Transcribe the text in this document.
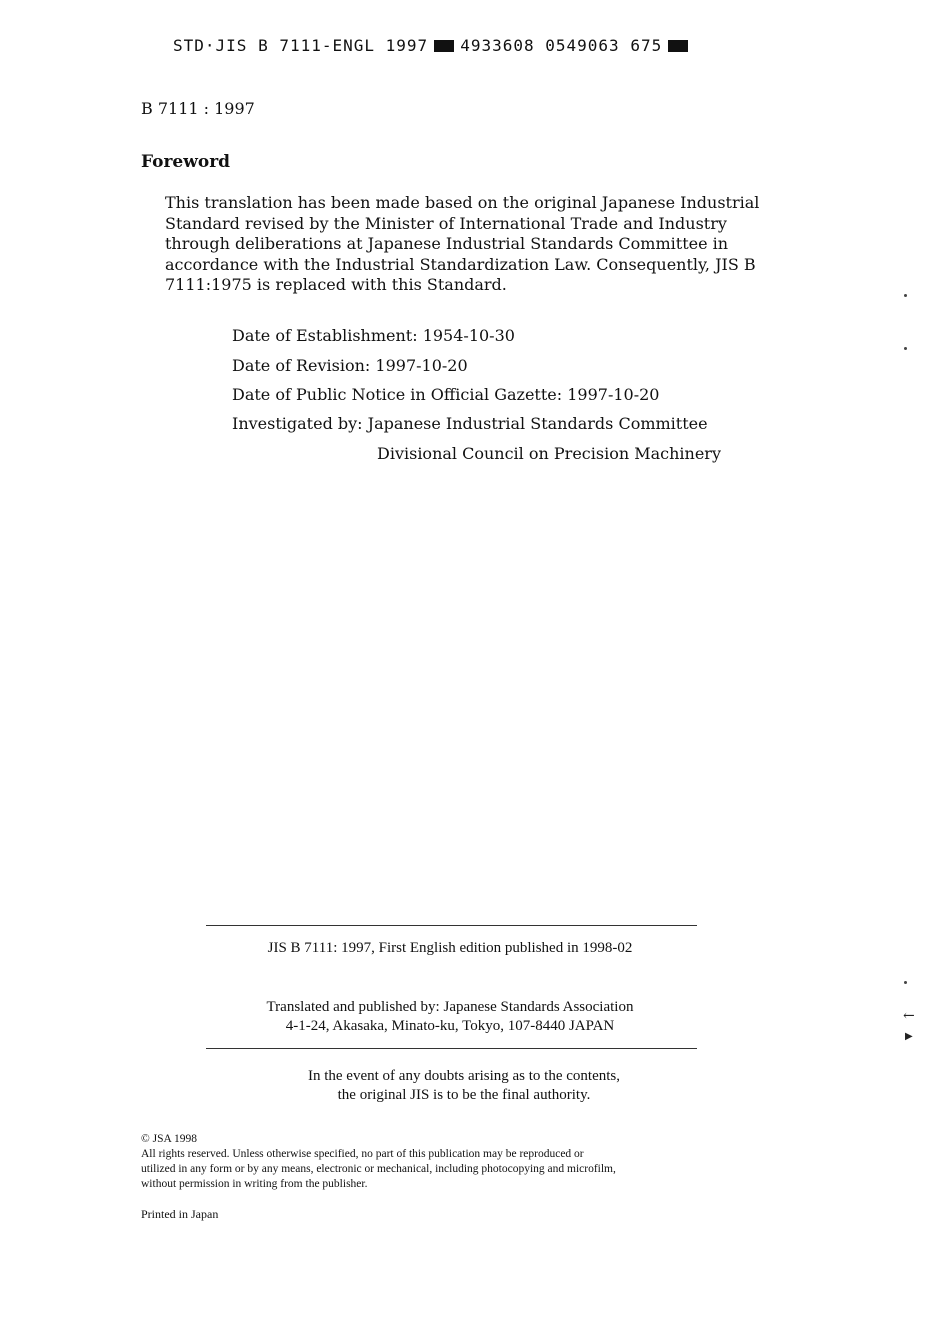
STD·JIS B 7111-ENGL 1997 4933608 0549063 675
B 7111 : 1997
Foreword

This translation has been made based on the original Japanese Industrial Standard revised by the Minister of International Trade and Industry through deliberations at Japanese Industrial Standards Committee in accordance with the Industrial Standardization Law. Consequently, JIS B 7111:1975 is replaced with this Standard.

Date of Establishment: 1954-10-30
Date of Revision: 1997-10-20
Date of Public Notice in Official Gazette: 1997-10-20
Investigated by: Japanese Industrial Standards Committee
Divisional Council on Precision Machinery
JIS B 7111: 1997, First English edition published in 1998-02
Translated and published by: Japanese Standards Association
4-1-24, Akasaka, Minato-ku, Tokyo, 107-8440 JAPAN
In the event of any doubts arising as to the contents,
the original JIS is to be the final authority.
© JSA 1998
All rights reserved. Unless otherwise specified, no part of this publication may be reproduced or
utilized in any form or by any means, electronic or mechanical, including photocopying and microfilm,
without permission in writing from the publisher.
Printed in Japan
←
▶
